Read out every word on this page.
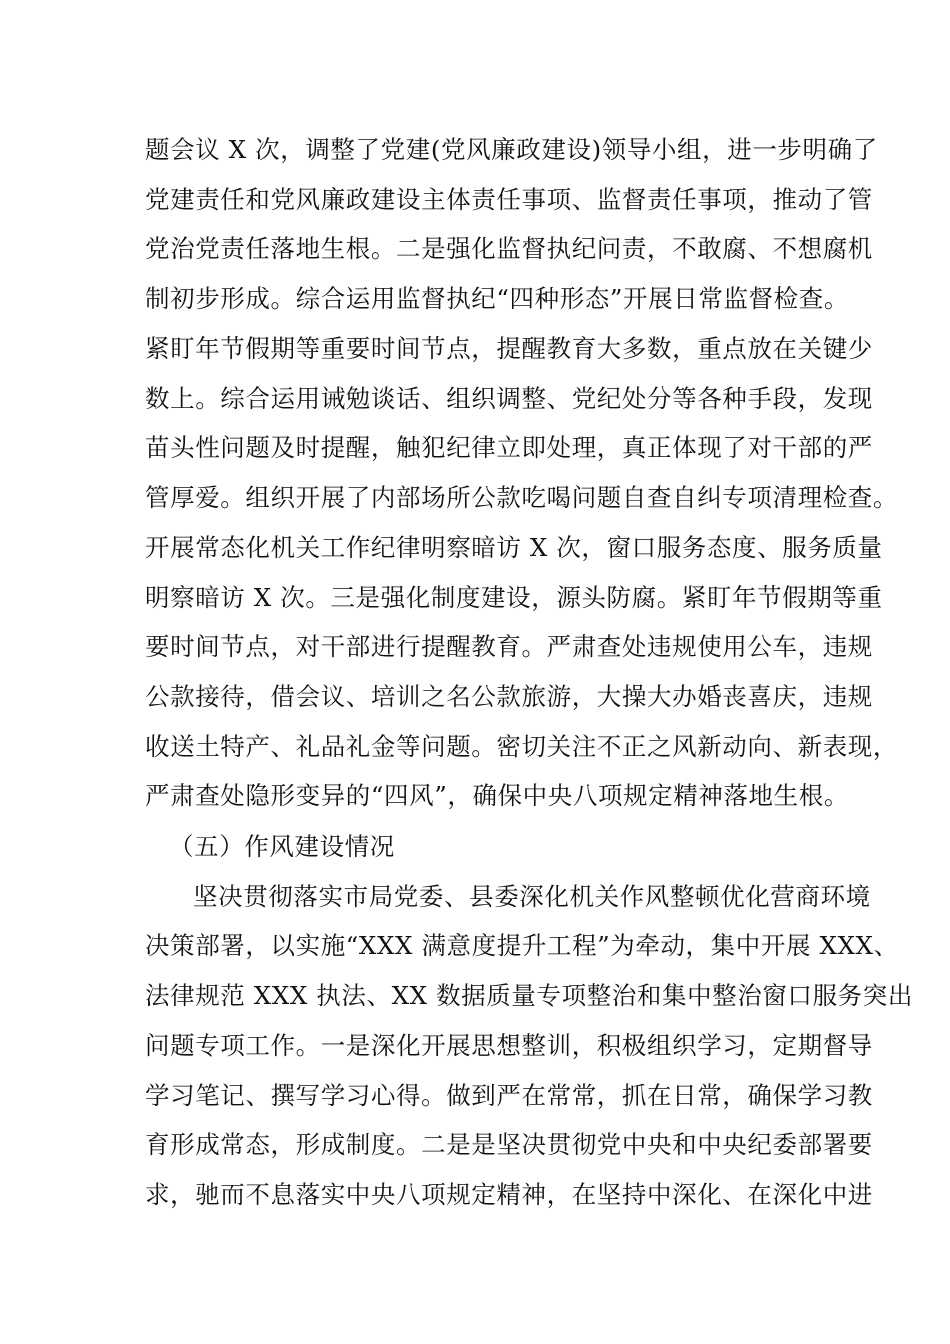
题会议 X 次，调整了党建(党风廉政建设)领导小组，进一步明确了
党建责任和党风廉政建设主体责任事项、监督责任事项，推动了管
党治党责任落地生根。二是强化监督执纪问责，不敢腐、不想腐机
制初步形成。综合运用监督执纪“四种形态”开展日常监督检查。
紧盯年节假期等重要时间节点，提醒教育大多数，重点放在关键少
数上。综合运用诫勉谈话、组织调整、党纪处分等各种手段，发现
苗头性问题及时提醒，触犯纪律立即处理，真正体现了对干部的严
管厚爱。组织开展了内部场所公款吃喝问题自查自纠专项清理检查。
开展常态化机关工作纪律明察暗访 X 次，窗口服务态度、服务质量
明察暗访 X 次。三是强化制度建设，源头防腐。紧盯年节假期等重
要时间节点，对干部进行提醒教育。严肃查处违规使用公车，违规
公款接待，借会议、培训之名公款旅游，大操大办婚丧喜庆，违规
收送土特产、礼品礼金等问题。密切关注不正之风新动向、新表现，
严肃查处隐形变异的“四风”，确保中央八项规定精神落地生根。
（五）作风建设情况
坚决贯彻落实市局党委、县委深化机关作风整顿优化营商环境
决策部署，以实施“XXX 满意度提升工程”为牵动，集中开展 XXX、
法律规范 XXX 执法、XX 数据质量专项整治和集中整治窗口服务突出
问题专项工作。一是深化开展思想整训，积极组织学习，定期督导
学习笔记、撰写学习心得。做到严在常常，抓在日常，确保学习教
育形成常态，形成制度。二是是坚决贯彻党中央和中央纪委部署要
求，驰而不息落实中央八项规定精神，在坚持中深化、在深化中进
